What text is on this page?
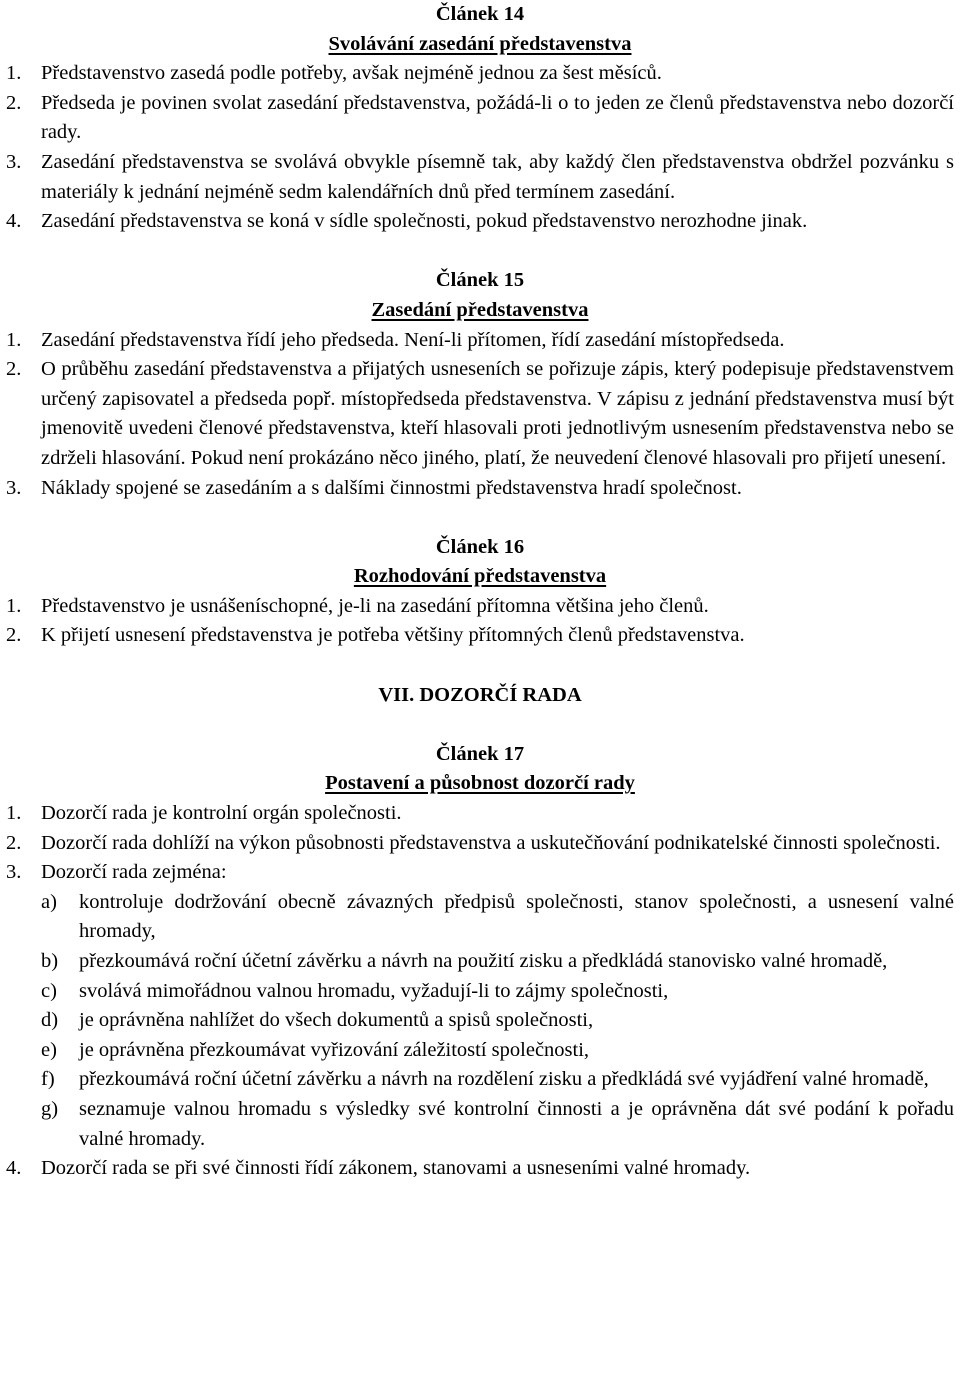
Článek 14
Svolávání zasedání představenstva
1. Představenstvo zasedá podle potřeby, avšak nejméně jednou za šest měsíců.
2. Předseda je povinen svolat zasedání představenstva, požádá-li o to jeden ze členů představenstva nebo dozorčí rady.
3. Zasedání představenstva se svolává obvykle písemně tak, aby každý člen představenstva obdržel pozvánku s materiály k jednání nejméně sedm kalendářních dnů před termínem zasedání.
4. Zasedání představenstva se koná v sídle společnosti, pokud představenstvo nerozhodne jinak.
Článek 15
Zasedání představenstva
1. Zasedání představenstva řídí jeho předseda. Není-li přítomen, řídí zasedání místopředseda.
2. O průběhu zasedání představenstva a přijatých usneseních se pořizuje zápis, který podepisuje představenstvem určený zapisovatel a předseda popř. místopředseda představenstva. V zápisu z jednání představenstva musí být jmenovitě uvedeni členové představenstva, kteří hlasovali proti jednotlivým usnesením představenstva nebo se zdrželi hlasování. Pokud není prokázáno něco jiného, platí, že neuvedení členové hlasovali pro přijetí unesení.
3. Náklady spojené se zasedáním a s dalšími činnostmi představenstva hradí společnost.
Článek 16
Rozhodování představenstva
1. Představenstvo je usnášeníschopné, je-li na zasedání přítomna většina jeho členů.
2. K přijetí usnesení představenstva je potřeba většiny přítomných členů představenstva.
VII. DOZORČÍ RADA
Článek 17
Postavení a působnost dozorčí rady
1. Dozorčí rada je kontrolní orgán společnosti.
2. Dozorčí rada dohlíží na výkon působnosti představenstva a uskutečňování podnikatelské činnosti společnosti.
3. Dozorčí rada zejména:
a)	kontroluje dodržování obecně závazných předpisů společnosti, stanov společnosti, a usnesení valné hromady,
b)	přezkoumává roční účetní závěrku a návrh na použití zisku a předkládá stanovisko valné hromadě,
c)	svolává mimořádnou valnou hromadu, vyžadují-li to zájmy společnosti,
d)	je oprávněna nahlížet do všech dokumentů a spisů společnosti,
e)	je oprávněna přezkoumávat vyřizování záležitostí společnosti,
f)	přezkoumává roční účetní závěrku a návrh na rozdělení zisku a předkládá své vyjádření valné hromadě,
g)	seznamuje valnou hromadu s výsledky své kontrolní činnosti a je oprávněna dát své podání k pořadu valné hromady.
4. Dozorčí rada se při své činnosti řídí zákonem, stanovami a usneseními valné hromady.
